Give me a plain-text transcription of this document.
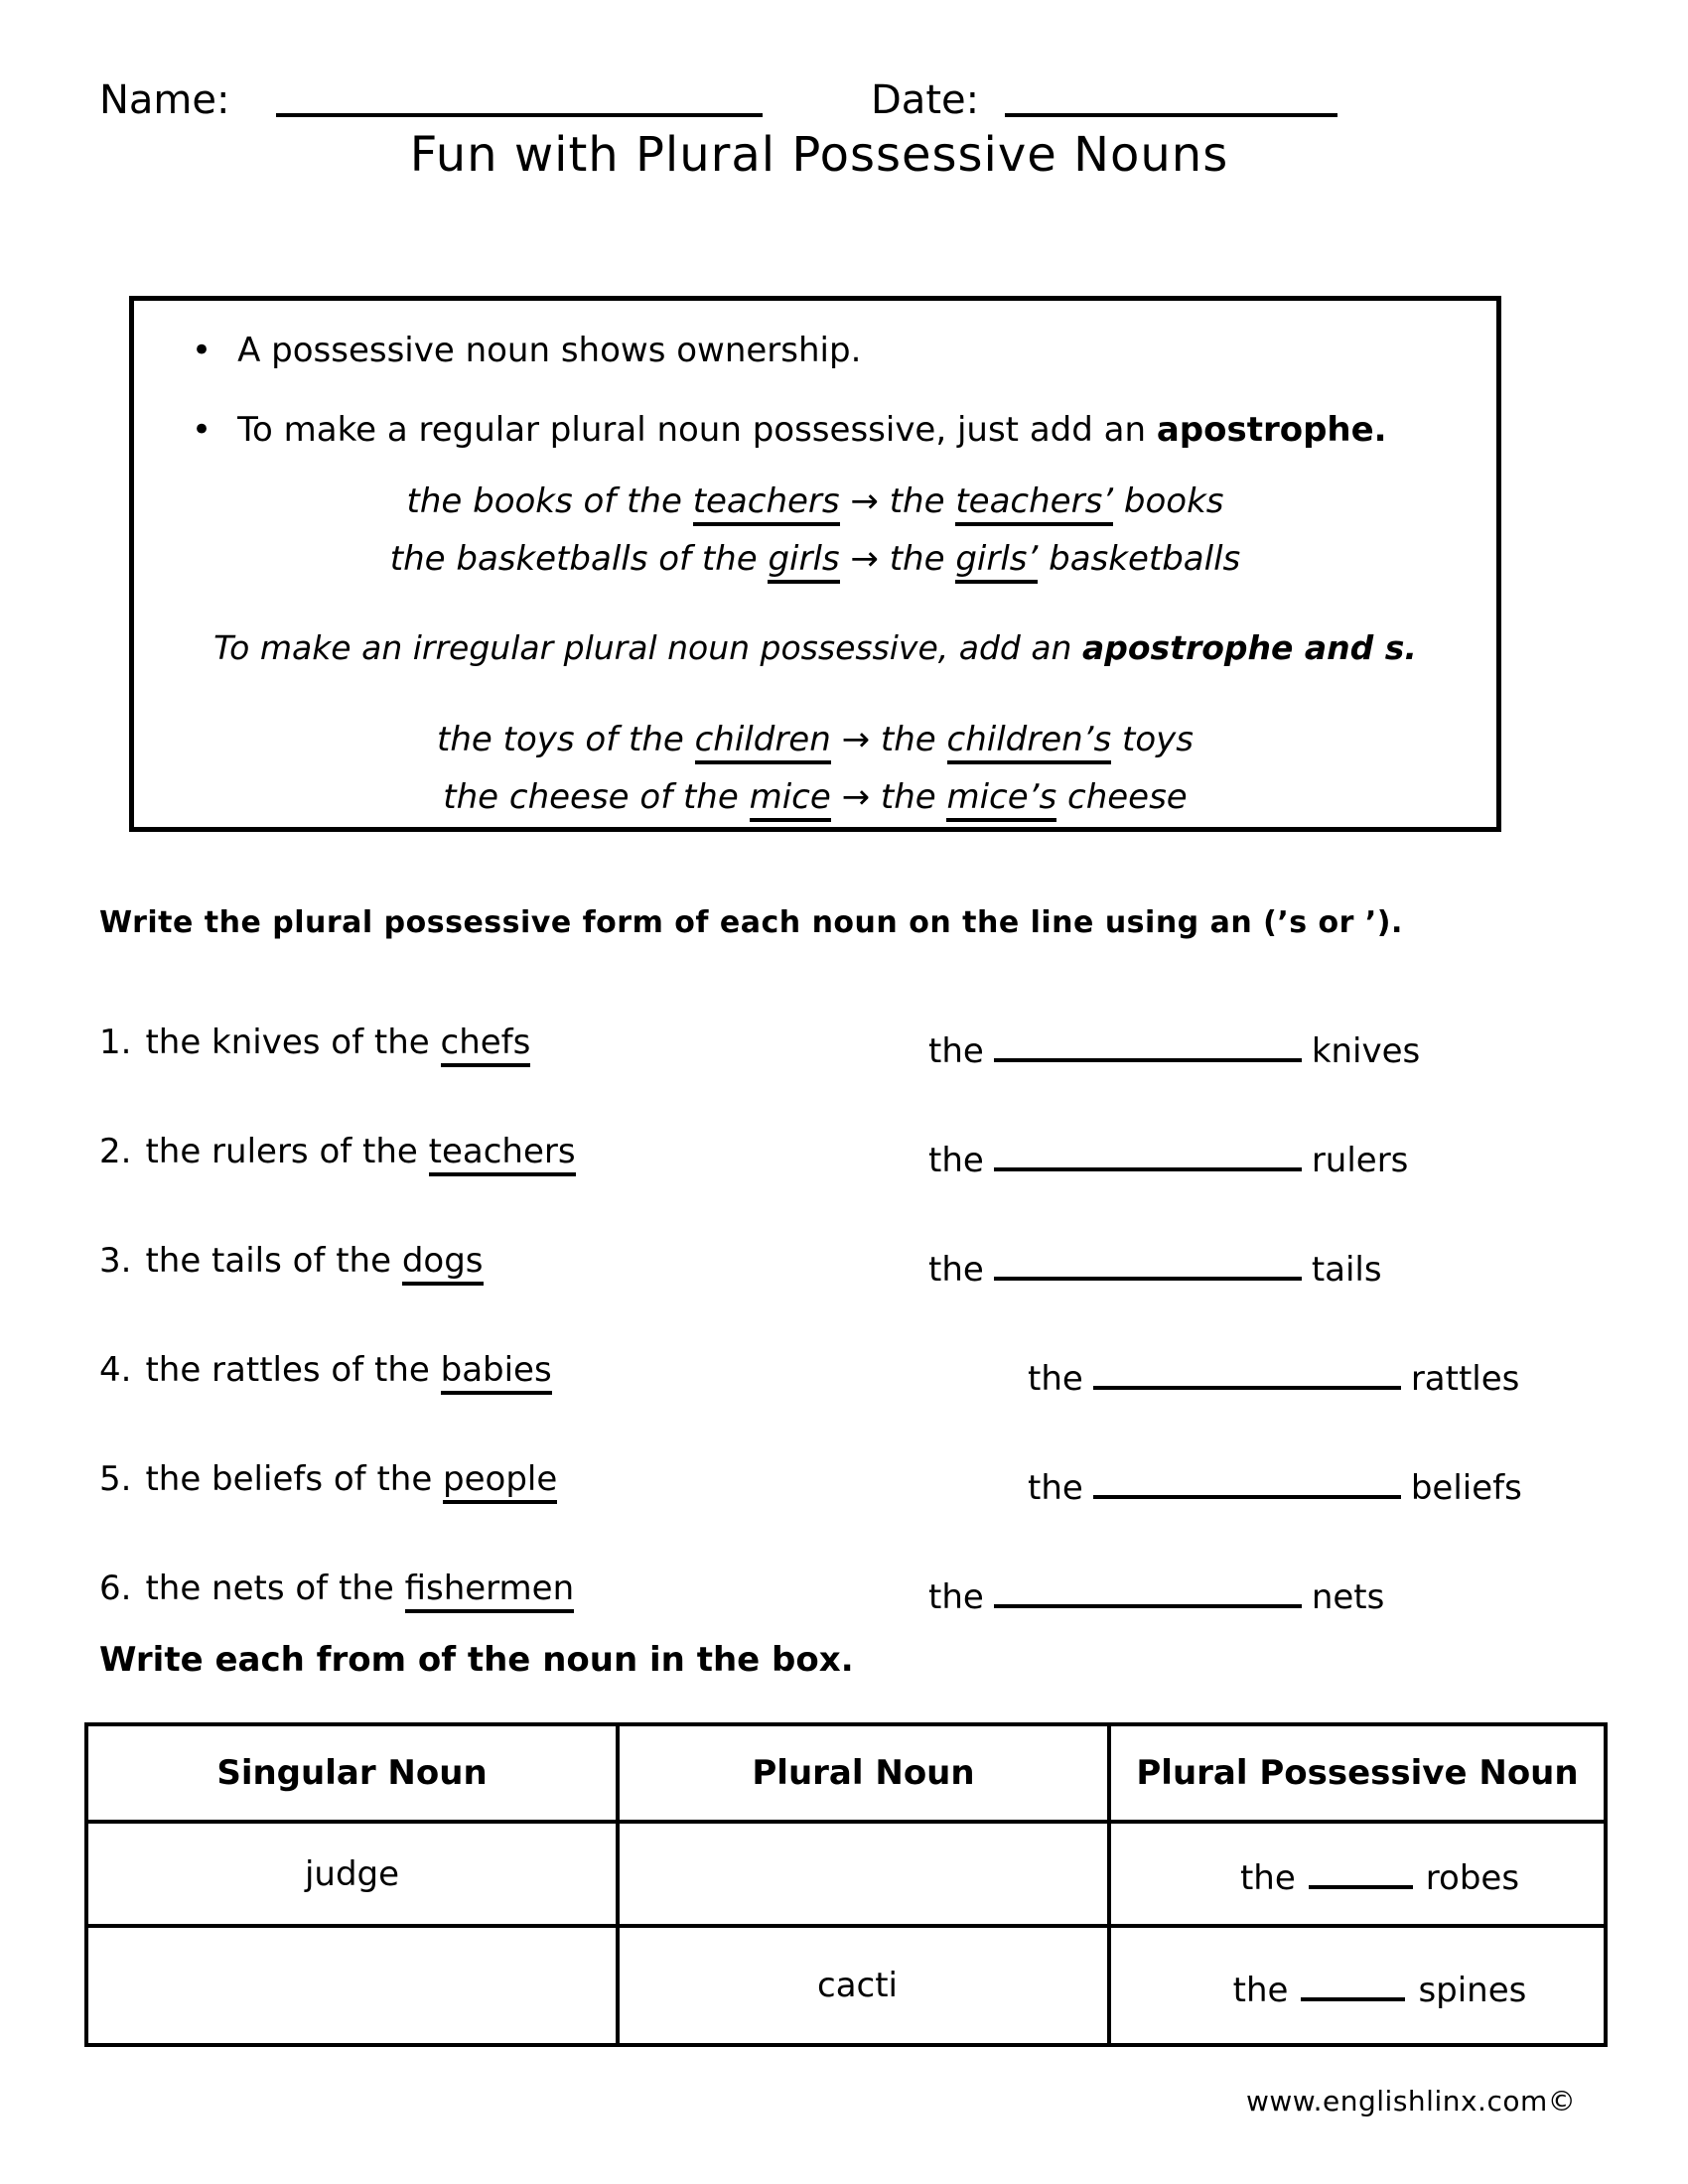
Name:	Date:
Fun with Plural Possessive Nouns
• A possessive noun shows ownership.
• To make a regular plural noun possessive, just add an apostrophe.
the books of the teachers → the teachers’ books
the basketballs of the girls → the girls’ basketballs
To make an irregular plural noun possessive, add an apostrophe and s.
the toys of the children → the children’s toys
the cheese of the mice → the mice’s cheese
Write the plural possessive form of each noun on the line using an (’s or ’).
1. the knives of the chefs	the	knives
2. the rulers of the teachers	the	rulers
3. the tails of the dogs	the	tails
4. the rattles of the babies	the	rattles
5. the beliefs of the people	the	beliefs
6. the nets of the fishermen	the	nets
Write each from of the noun in the box.
Singular Noun	Plural Noun	Plural Possessive Noun
judge		the robes
	cacti	the spines
www.englishlinx.com©
